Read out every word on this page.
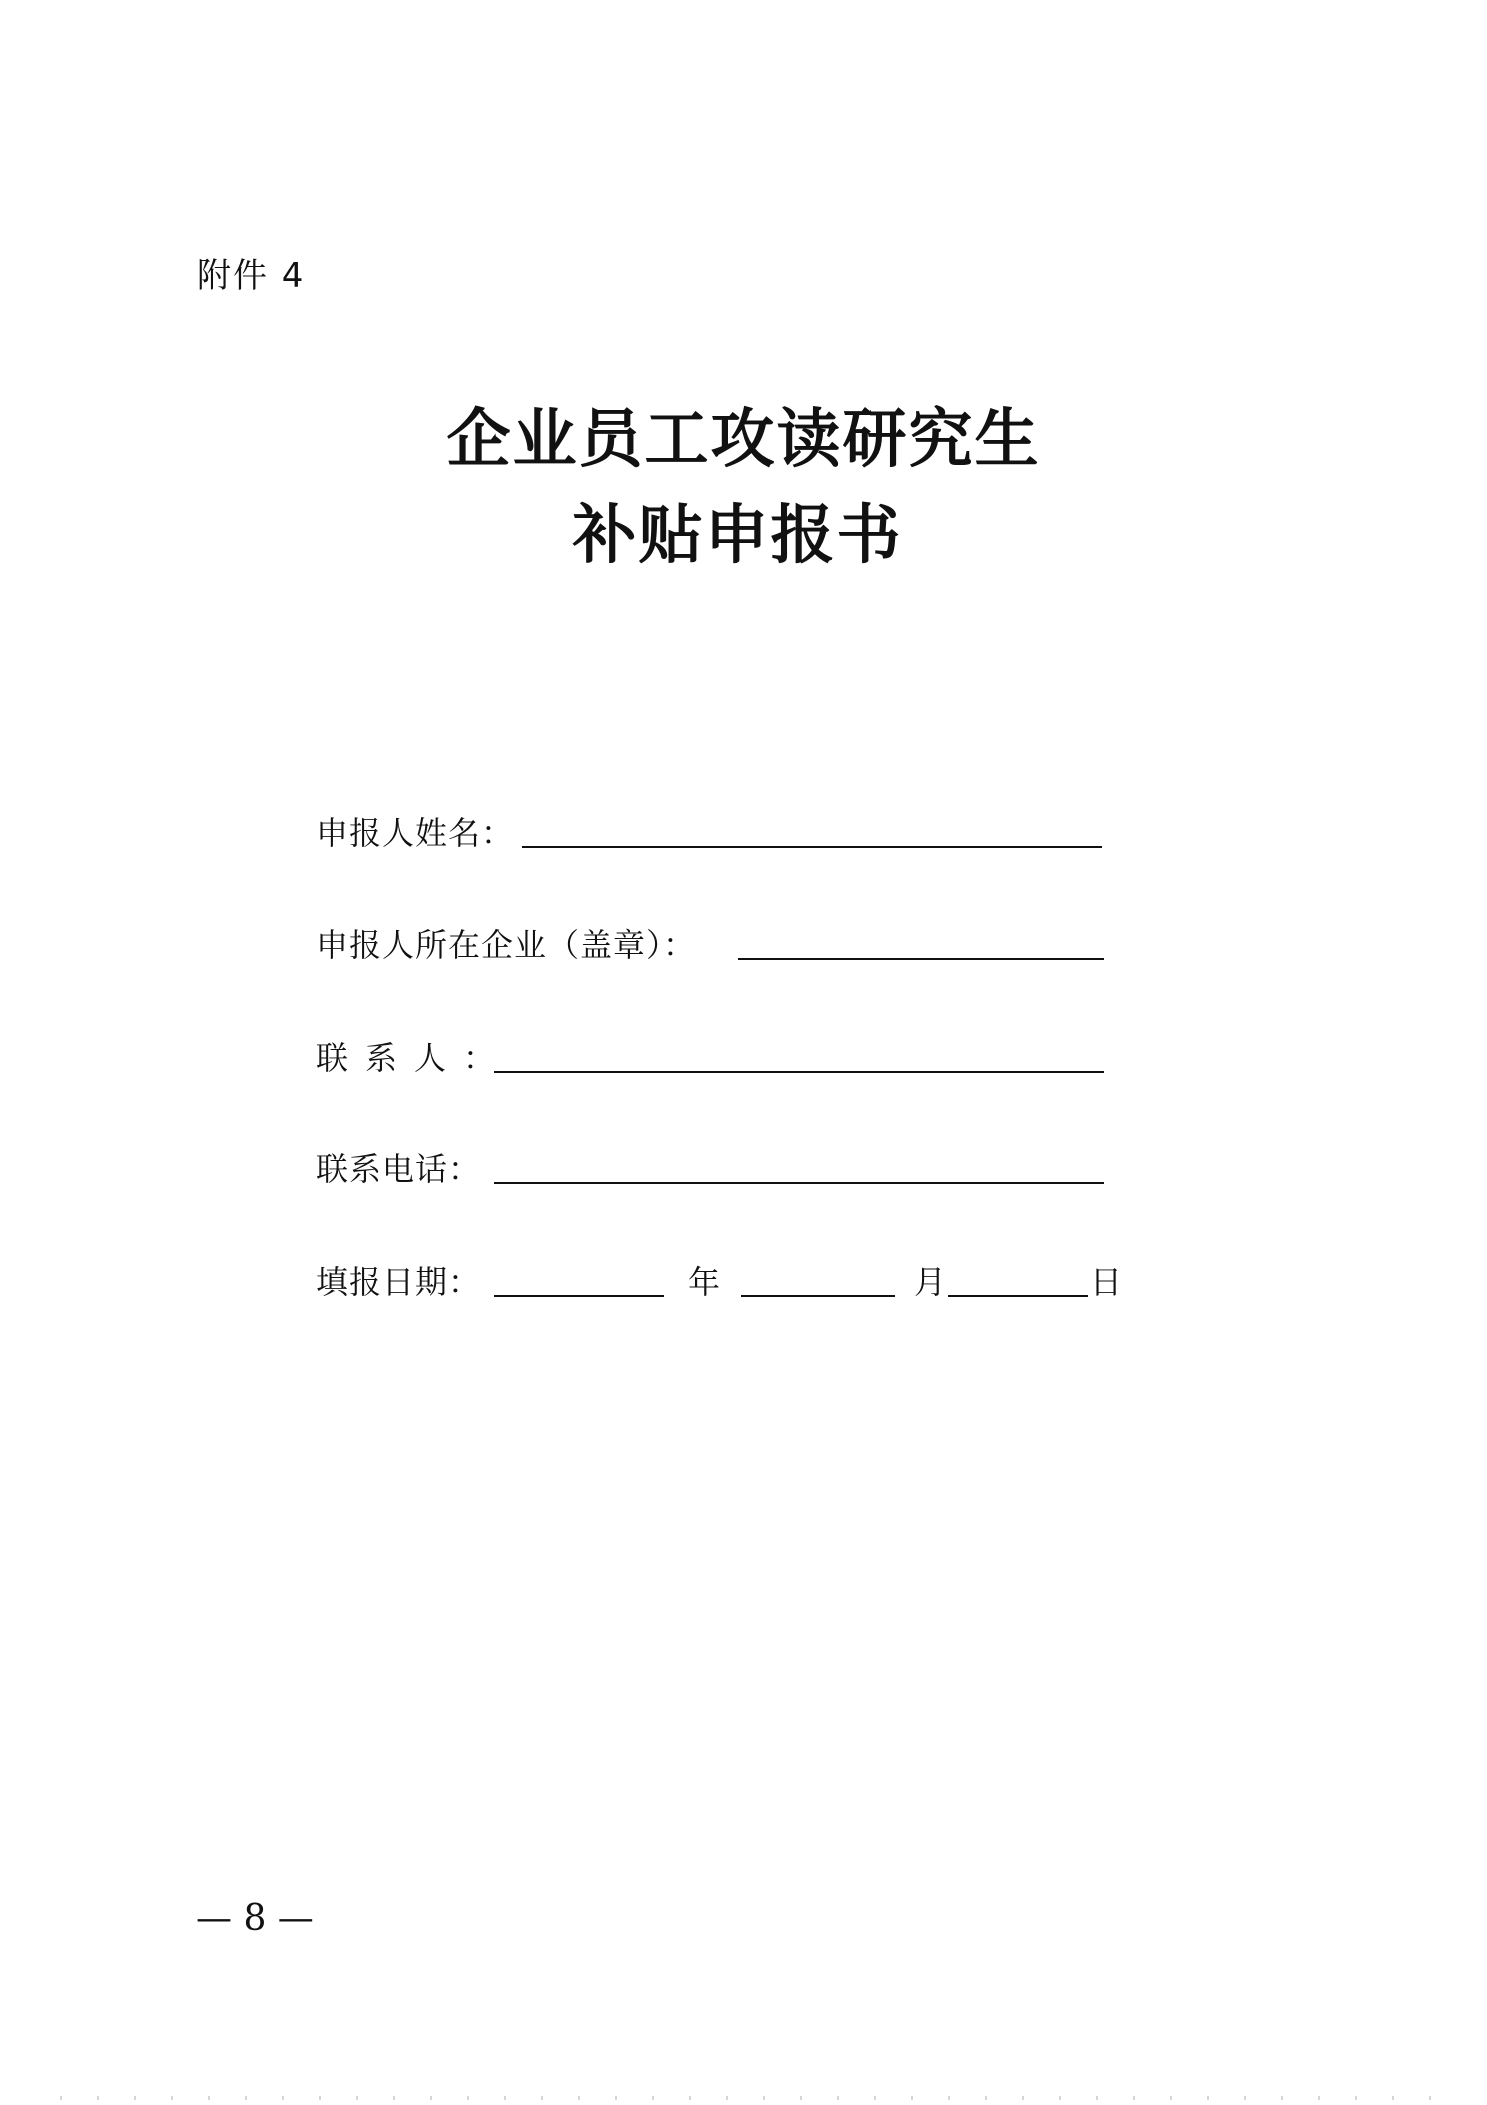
附件 4
企业员工攻读研究生
补贴申报书
申报人姓名：
申报人所在企业（盖章）：
联系人：
联系电话：
填报日期：	年	月	日
— 8 —
